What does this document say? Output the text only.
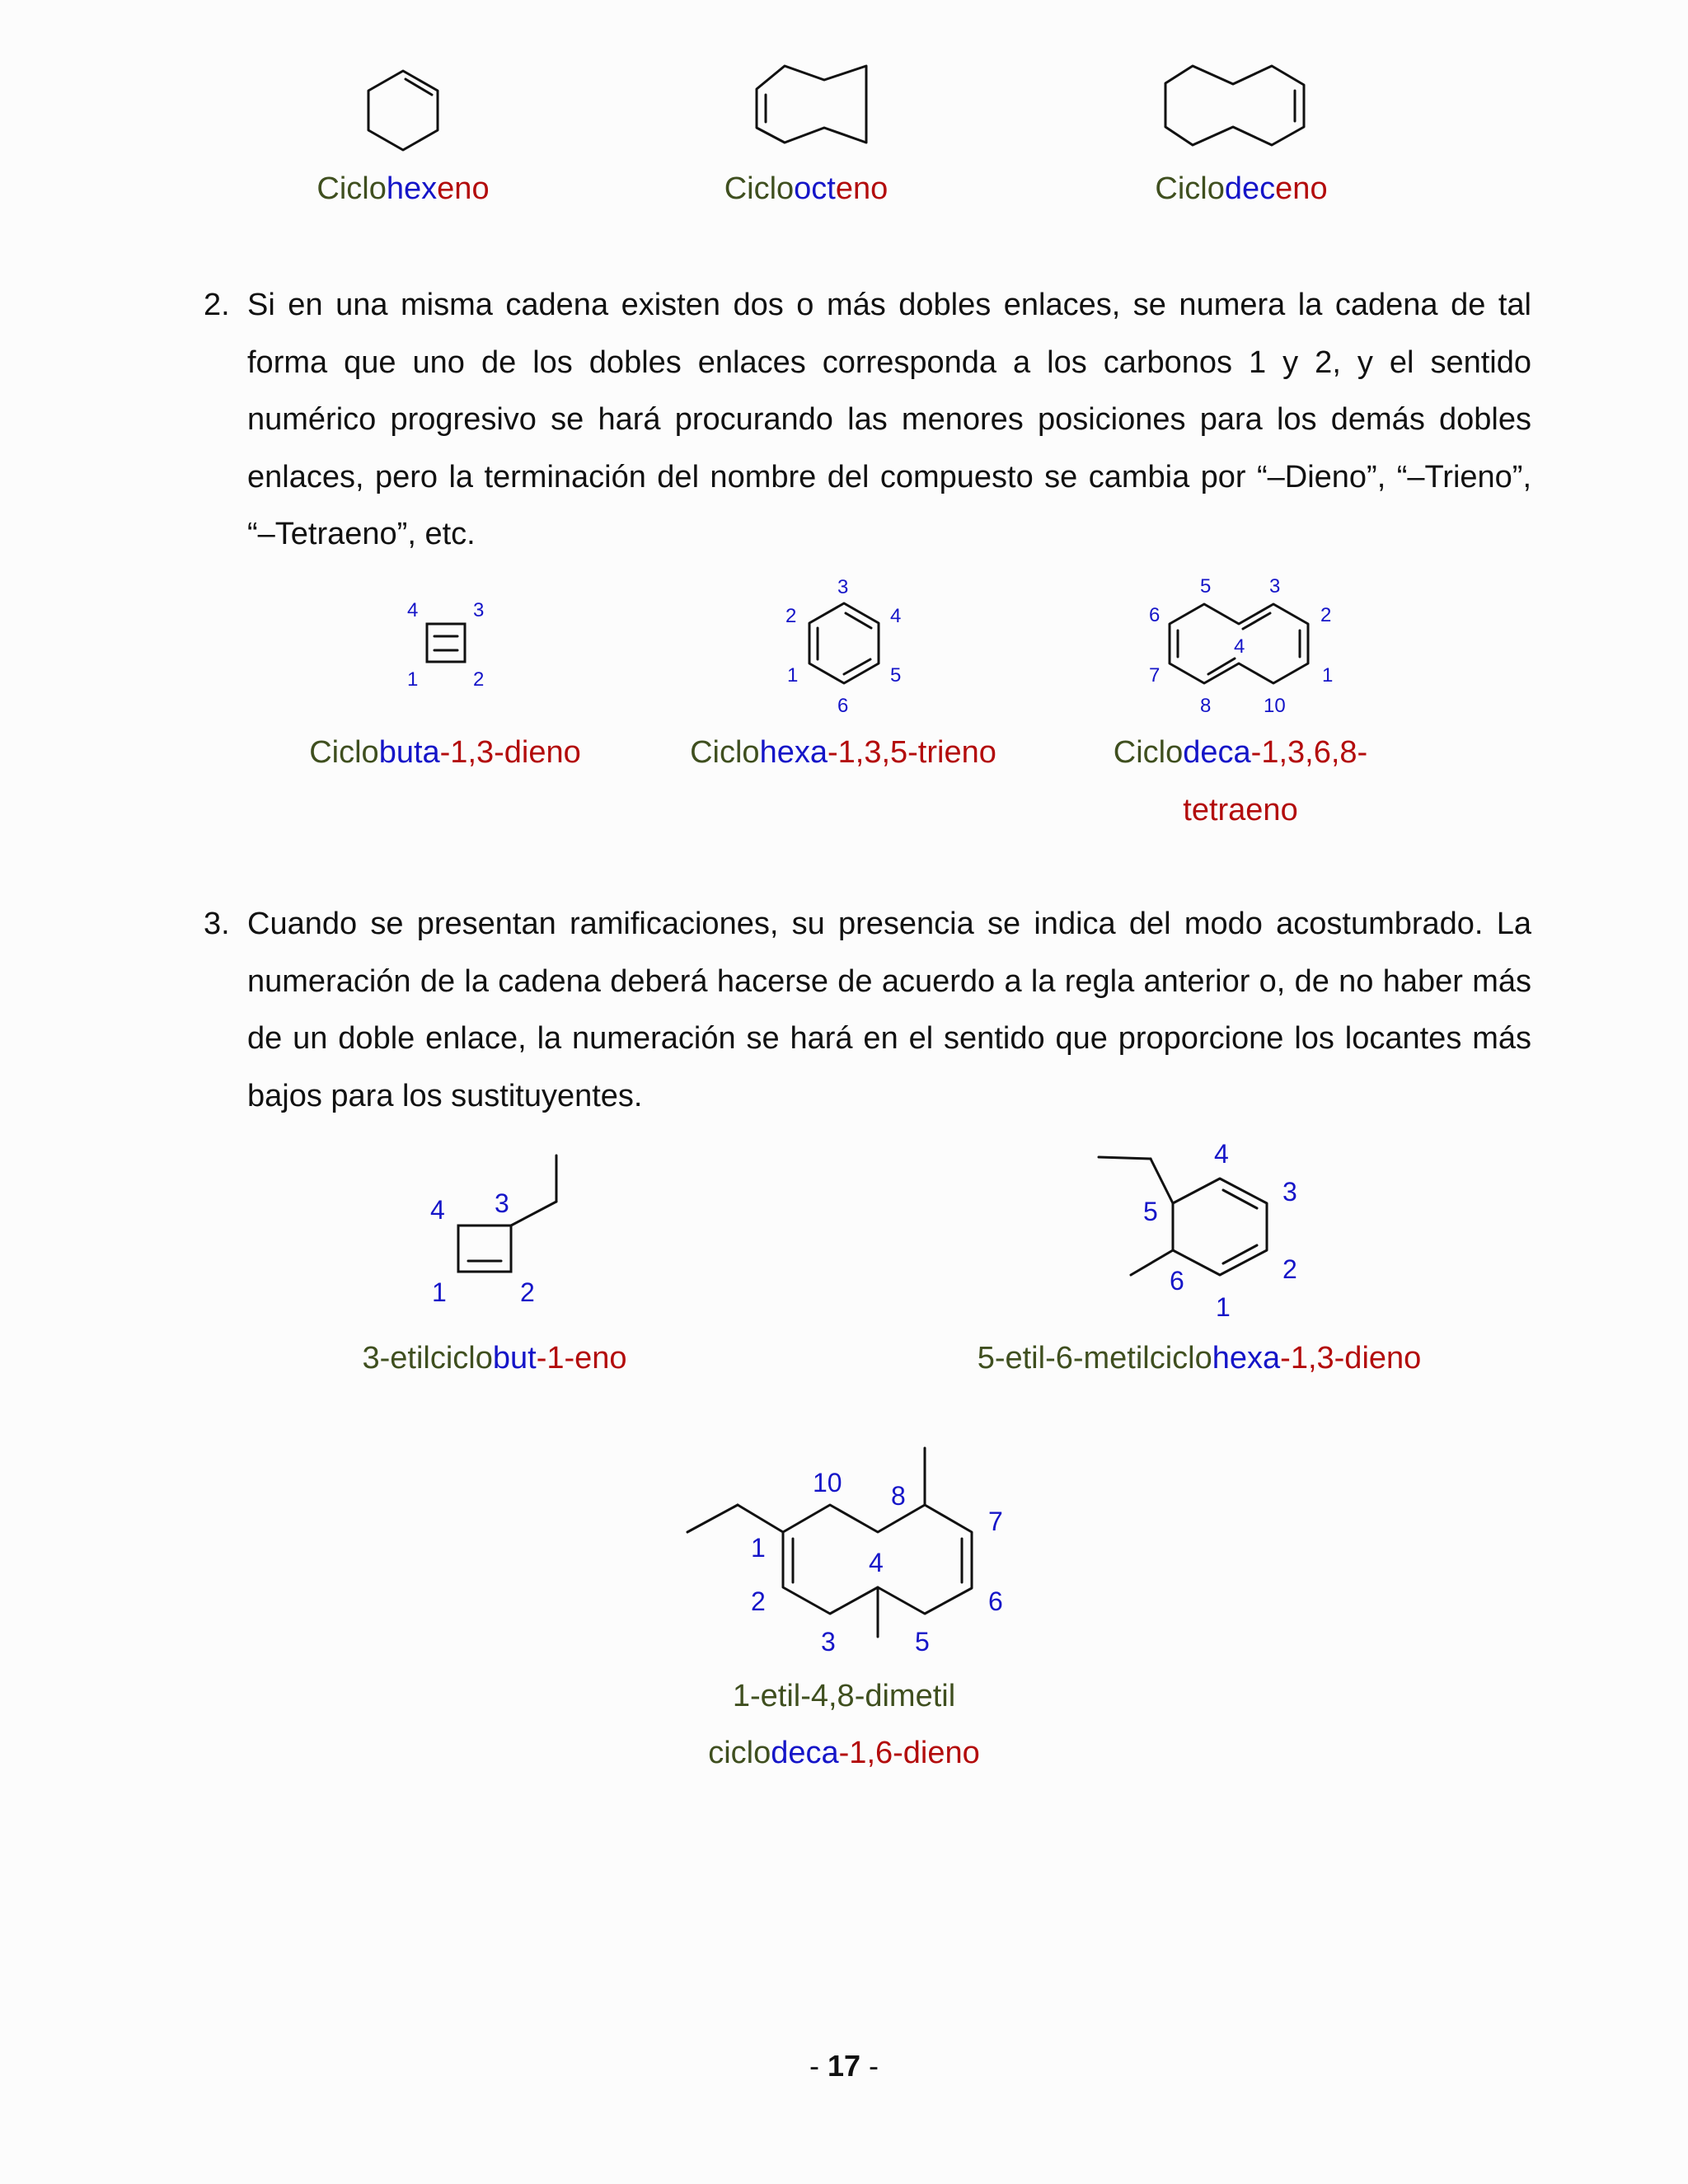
4	3
1	2
3
2	4
1	5
6
5	3
6	2
4
7	1
8	10
4 3
1	2
4
5
3
2
6
1
10 8
7
1	4
2	6
3	5
Ciclohexeno	Cicloocteno	Ciclodeceno
2. Si en una misma cadena existen dos o más dobles enlaces, se numera la cadena de tal forma que uno de los dobles enlaces corresponda a los carbonos 1 y 2, y el sentido numérico progresivo se hará procurando las menores posiciones para los demás dobles enlaces, pero la terminación del nombre del compuesto se cambia por “–Dieno”, “–Trieno”, “–Tetraeno”, etc.
Ciclobuta-1,3-dieno	Ciclohexa-1,3,5-trieno	Ciclodeca-1,3,6,8-
tetraeno
3. Cuando se presentan ramificaciones, su presencia se indica del modo acostumbrado. La numeración de la cadena deberá hacerse de acuerdo a la regla anterior o, de no haber más de un doble enlace, la numeración se hará en el sentido que proporcione los locantes más bajos para los sustituyentes.
3-etilciclobut-1-eno	5-etil-6-metilciclohexa-1,3-dieno
1-etil-4,8-dimetil
ciclodeca-1,6-dieno
- 17 -
